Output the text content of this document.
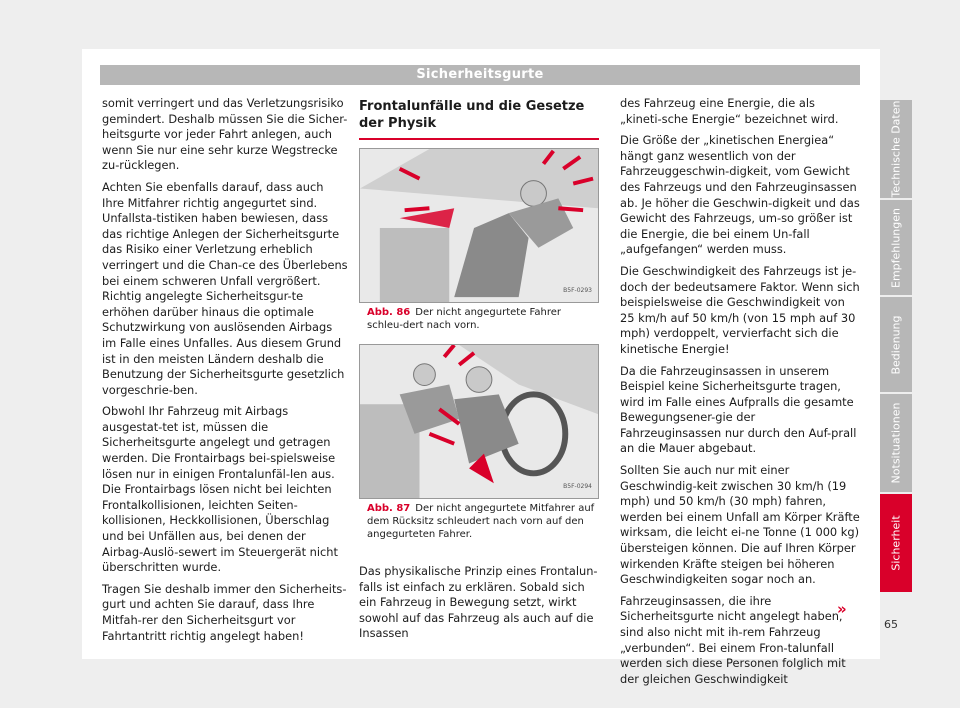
Sicherheitsgurte

somit verringert und das Verletzungsrisiko gemindert. Deshalb müssen Sie die Sicher-heitsgurte vor jeder Fahrt anlegen, auch wenn Sie nur eine sehr kurze Wegstrecke zu-rücklegen.

Achten Sie ebenfalls darauf, dass auch Ihre Mitfahrer richtig angegurtet sind. Unfallsta-tistiken haben bewiesen, dass das richtige Anlegen der Sicherheitsgurte das Risiko einer Verletzung erheblich verringert und die Chan-ce des Überlebens bei einem schweren Unfall vergrößert. Richtig angelegte Sicherheitsgur-te erhöhen darüber hinaus die optimale Schutzwirkung von auslösenden Airbags im Falle eines Unfalles. Aus diesem Grund ist in den meisten Ländern deshalb die Benutzung der Sicherheitsgurte gesetzlich vorgeschrie-ben.

Obwohl Ihr Fahrzeug mit Airbags ausgestat-tet ist, müssen die Sicherheitsgurte angelegt und getragen werden. Die Frontairbags bei-spielsweise lösen nur in einigen Frontalunfäl-len aus. Die Frontairbags lösen nicht bei leichten Frontalkollisionen, leichten Seiten-kollisionen, Heckkollisionen, Überschlag und bei Unfällen aus, bei denen der Airbag-Auslö-sewert im Steuergerät nicht überschritten wurde.

Tragen Sie deshalb immer den Sicherheits-gurt und achten Sie darauf, dass Ihre Mitfah-rer den Sicherheitsgurt vor Fahrtantritt richtig angelegt haben!

Frontalunfälle und die Gesetze der Physik
B5F-0293
Abb. 86 Der nicht angegurtete Fahrer schleu-dert nach vorn.
B5F-0294
Abb. 87 Der nicht angegurtete Mitfahrer auf dem Rücksitz schleudert nach vorn auf den angegurteten Fahrer.

Das physikalische Prinzip eines Frontalun-falls ist einfach zu erklären. Sobald sich ein Fahrzeug in Bewegung setzt, wirkt sowohl auf das Fahrzeug als auch auf die Insassen

des Fahrzeug eine Energie, die als „kineti-sche Energie“ bezeichnet wird.

Die Größe der „kinetischen Energiea“ hängt ganz wesentlich von der Fahrzeuggeschwin-digkeit, vom Gewicht des Fahrzeugs und den Fahrzeuginsassen ab. Je höher die Geschwin-digkeit und das Gewicht des Fahrzeugs, um-so größer ist die Energie, die bei einem Un-fall „aufgefangen“ werden muss.

Die Geschwindigkeit des Fahrzeugs ist je-doch der bedeutsamere Faktor. Wenn sich beispielsweise die Geschwindigkeit von 25 km/h auf 50 km/h (von 15 mph auf 30 mph) verdoppelt, vervierfacht sich die kinetische Energie!

Da die Fahrzeuginsassen in unserem Beispiel keine Sicherheitsgurte tragen, wird im Falle eines Aufpralls die gesamte Bewegungsener-gie der Fahrzeuginsassen nur durch den Auf-prall an die Mauer abgebaut.

Sollten Sie auch nur mit einer Geschwindig-keit zwischen 30 km/h (19 mph) und 50 km/h (30 mph) fahren, werden bei einem Unfall am Körper Kräfte wirksam, die leicht ei-ne Tonne (1 000 kg) übersteigen können. Die auf Ihren Körper wirkenden Kräfte steigen bei höheren Geschwindigkeiten sogar noch an.

Fahrzeuginsassen, die ihre Sicherheitsgurte nicht angelegt haben, sind also nicht mit ih-rem Fahrzeug „verbunden“. Bei einem Fron-talunfall werden sich diese Personen folglich mit der gleichen Geschwindigkeit

»
Technische Daten
Empfehlungen
Bedienung
Notsituationen
Sicherheit
65
